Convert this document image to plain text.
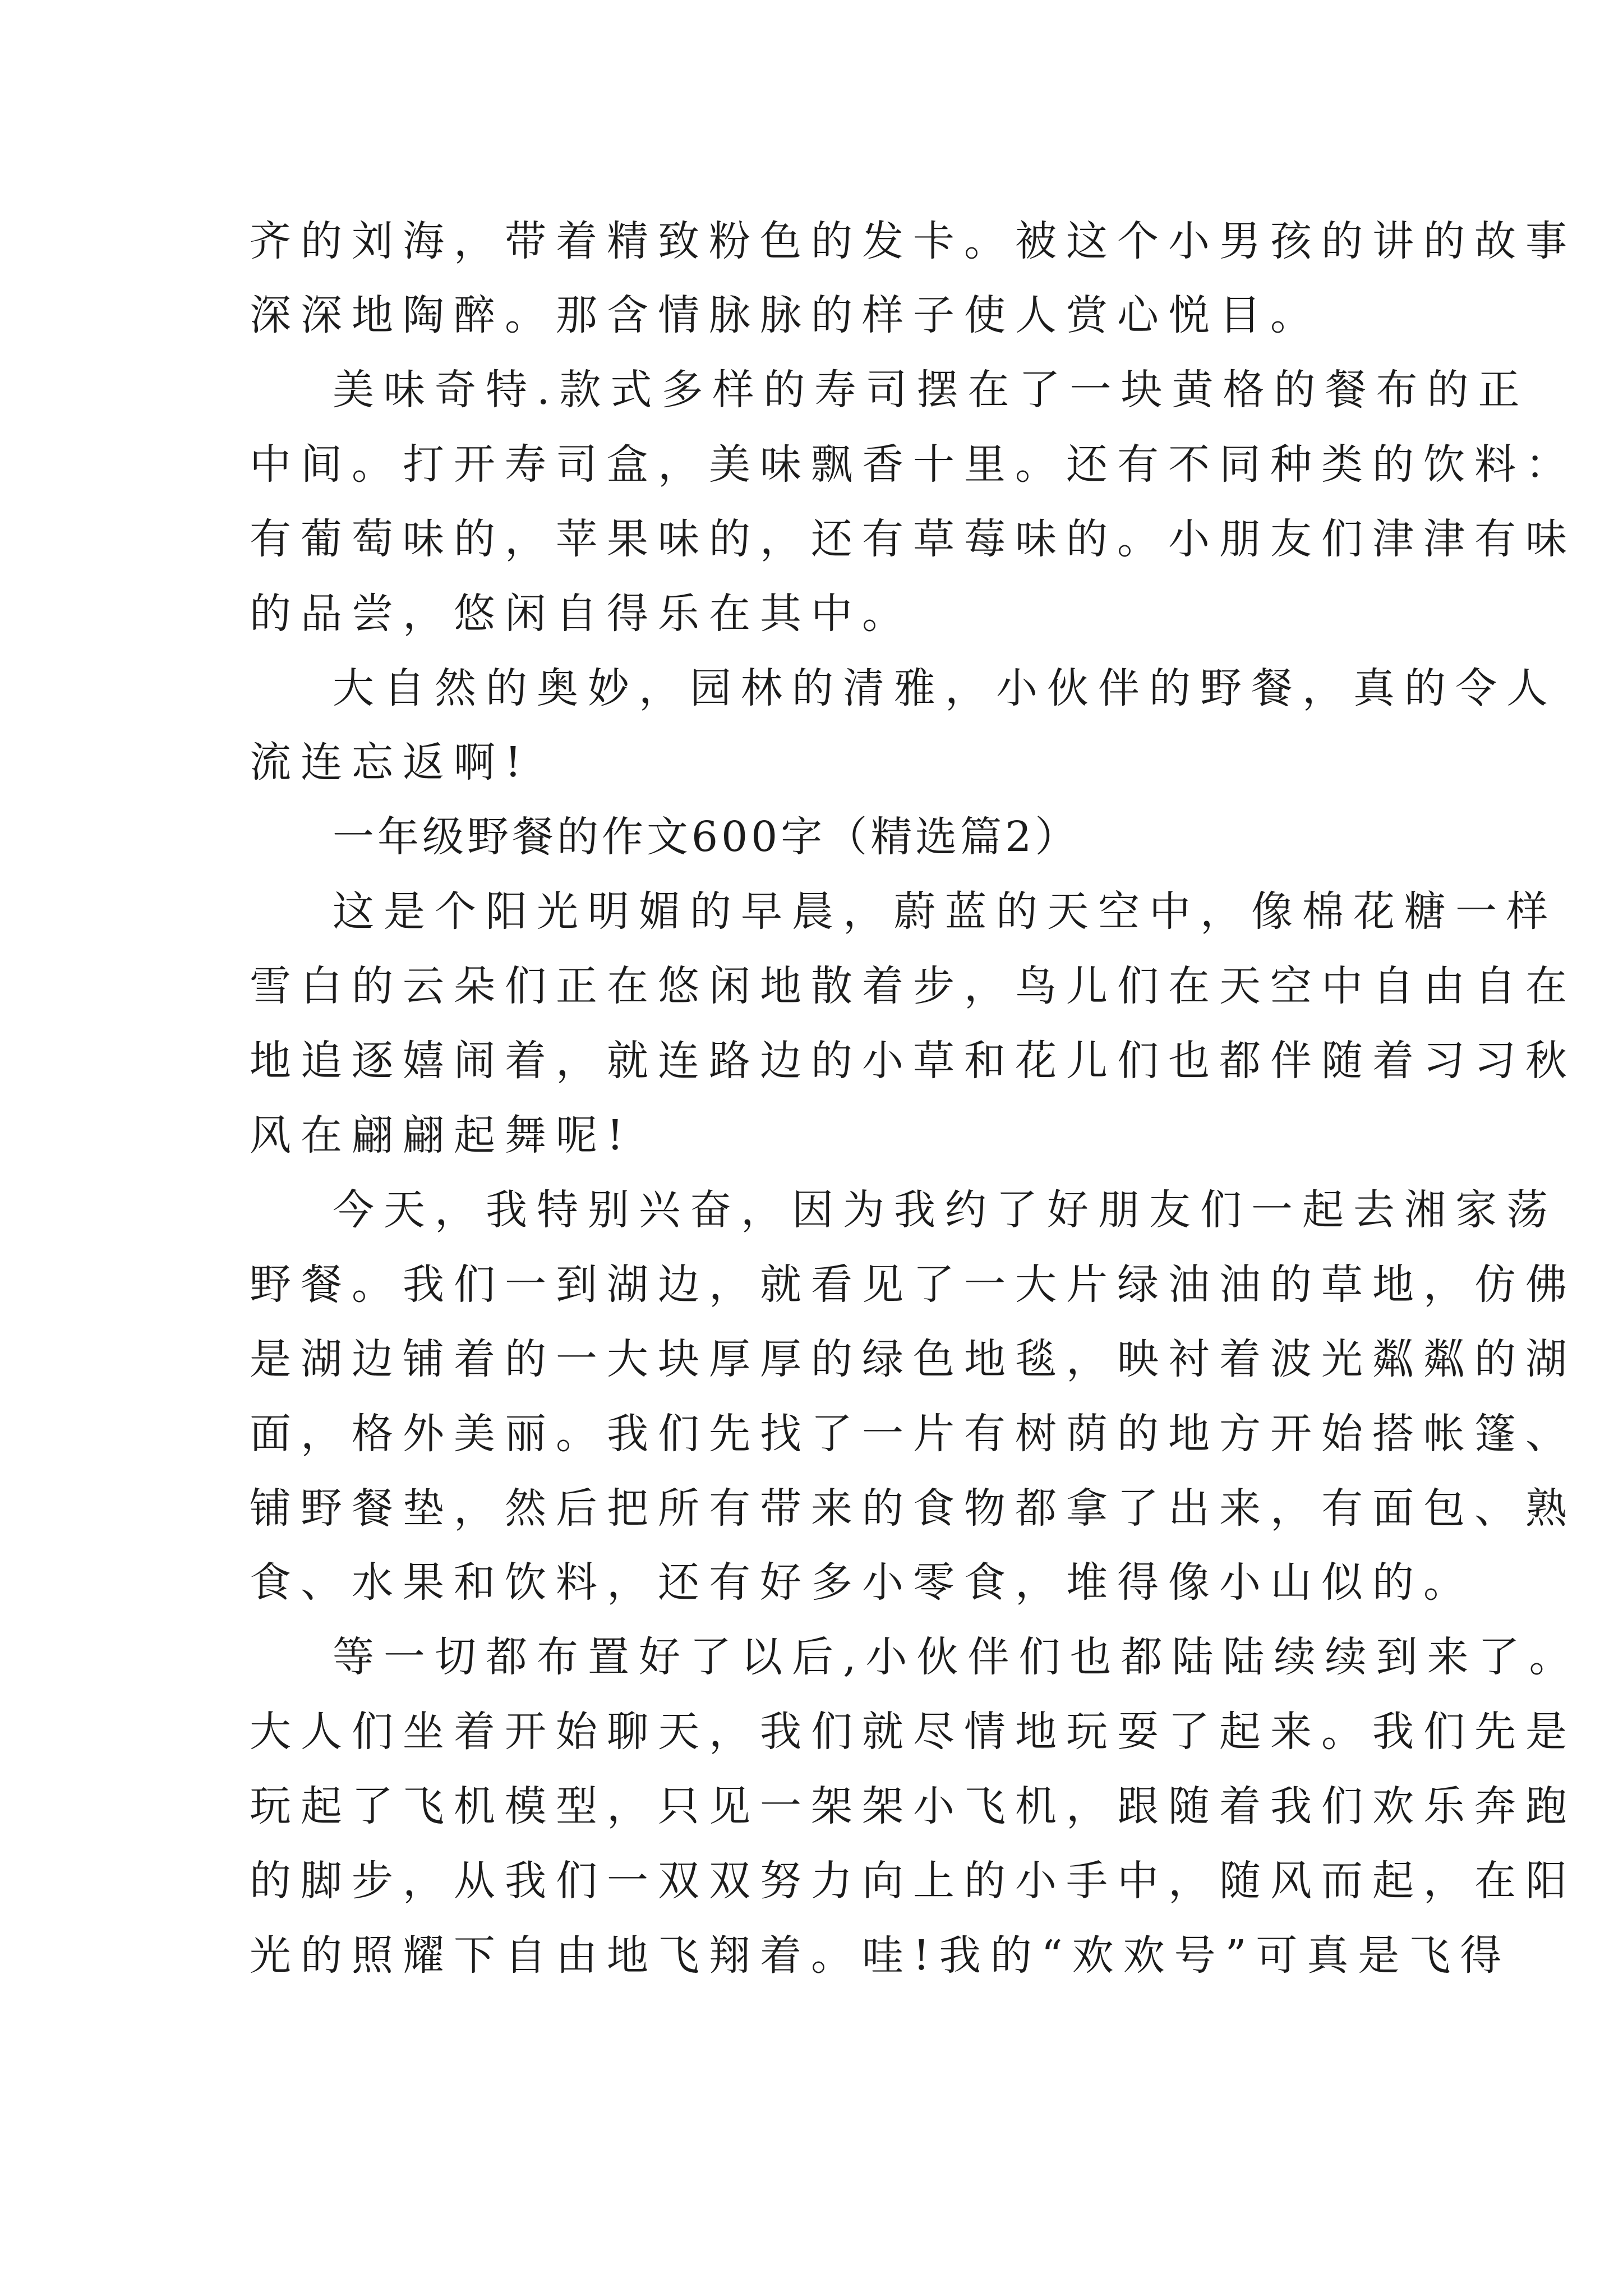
齐的刘海，带着精致粉色的发卡。被这个小男孩的讲的故事
深深地陶醉。那含情脉脉的样子使人赏心悦目。
美味奇特.款式多样的寿司摆在了一块黄格的餐布的正
中间。打开寿司盒，美味飘香十里。还有不同种类的饮料：
有葡萄味的，苹果味的，还有草莓味的。小朋友们津津有味
的品尝，悠闲自得乐在其中。
大自然的奥妙，园林的清雅，小伙伴的野餐，真的令人
流连忘返啊!
一年级野餐的作文600字（精选篇2）
这是个阳光明媚的早晨，蔚蓝的天空中，像棉花糖一样
雪白的云朵们正在悠闲地散着步，鸟儿们在天空中自由自在
地追逐嬉闹着，就连路边的小草和花儿们也都伴随着习习秋
风在翩翩起舞呢!
今天，我特别兴奋，因为我约了好朋友们一起去湘家荡
野餐。我们一到湖边，就看见了一大片绿油油的草地，仿佛
是湖边铺着的一大块厚厚的绿色地毯，映衬着波光粼粼的湖
面，格外美丽。我们先找了一片有树荫的地方开始搭帐篷、
铺野餐垫，然后把所有带来的食物都拿了出来，有面包、熟
食、水果和饮料，还有好多小零食，堆得像小山似的。
等一切都布置好了以后,小伙伴们也都陆陆续续到来了。
大人们坐着开始聊天，我们就尽情地玩耍了起来。我们先是
玩起了飞机模型，只见一架架小飞机，跟随着我们欢乐奔跑
的脚步，从我们一双双努力向上的小手中，随风而起，在阳
光的照耀下自由地飞翔着。哇!我的“欢欢号”可真是飞得
